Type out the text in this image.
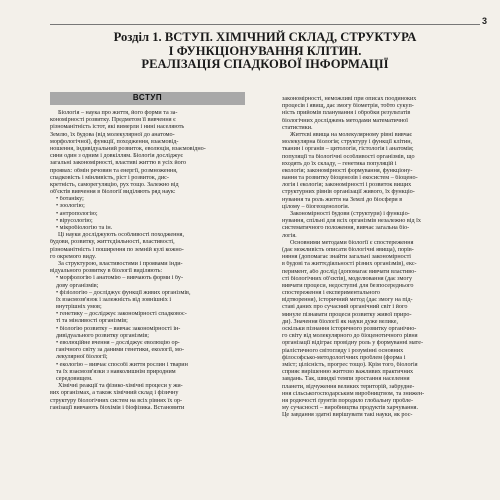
3
Розділ 1. ВСТУП. ХІМІЧНИЙ СКЛАД, СТРУКТУРА
І ФУНКЦІОНУВАННЯ КЛІТИН.
РЕАЛІЗАЦІЯ СПАДКОВОЇ ІНФОРМАЦІЇ
ВСТУП
Біологія – наука про життя, його форми та за-
кономірності розвитку. Предметом її вивчення є
різноманітність істот, які вимерли і нині населяють
Землю, їх будова (від молекулярної до анатомо-
морфологічної), функції, походження, взаємовід-
ношення, індивідуальний розвиток, еволюція, взаємовідно-
сини один з одним і довкіллям. Біологія досліджує
загальні закономірності, властиві життю в усіх його
проявах: обмін речовин та енергії, розмноження,
спадковість і мінливість, ріст і розвиток, дис-
кретність, саморегуляцію, рух тощо. Залежно від
об'єктів вивчення в біології виділяють ряд наук:
• ботаніку;
• зоологію;
• антропологію;
• вірусологію;
• мікробіологію та ін.
Ці науки досліджують особливості походження,
будови, розвитку, життєдіяльності, властивості,
різноманітність і поширення по земній кулі кожно-
го окремого виду.
За структурою, властивостями і проявами інди-
відуального розвитку в біології виділяють:
• морфологію і анатомію – вивчають форми і бу-
дову організмів;
• фізіологію – досліджує функції живих організмів,
їх взаємозв'язок і залежність від зовнішніх і
внутрішніх умов;
• генетику – досліджує закономірності спадковос-
ті та мінливості організмів;
• біологію розвитку – вивчає закономірності ін-
дивідуального розвитку організмів;
• еволюційне вчення – досліджує еволюцію ор-
ганічного світу за даними генетики, екології, мо-
лекулярної біології;
• екологію – вивчає способі життя рослин і тварин
та їх взаємозв'язки з навколишнім природним
середовищем.
Хімічні реакції та фізико-хімічні процеси у жи-
вих організмах, а також хімічний склад і фізичну
структуру біологічних систем на всіх рівнях їх ор-
ганізації вивчають біохімія і біофізика. Встановити
закономірності, неможливі при описах поодиноких
процесів і явищ, дає змогу біометрія, тобто сукуп-
ність прийомів планування і обробки результатів
біологічних досліджень методами математичної
статистики.
Життєві явища на молекулярному рівні вивчає
молекулярна біологія; структуру і функції клітин,
тканин і органів – цитологія, гістологія і анатомія;
популяції та біологічні особливості організмів, що
входять до їх складу, – генетика популяцій і
екологія; закономірності формування, функціону-
вання та розвитку біоценозів і екосистем – біоцено-
логія і екологія; закономірності і розвиток вищих
структурних рівнів організації живого, їх функціо-
нування та роль життя на Землі до біосфери в
цілому – біогеоценологія.
Закономірності будови (структури) і функціо-
нування, спільні для всіх організмів незалежно від їх
систематичного положення, вивчає загальна біо-
логія.
Основними методами біології є спостереження
(дає можливість описати біологічні явища), порів-
няння (допомагає знайти загальні закономірності
в будові та життєдіяльності різних організмів), екс-
перимент, або дослід (допомагає вивчати властиво-
сті біологічних об'єктів), моделювання (дає змогу
вивчати процеси, недоступні для безпосереднього
спостереження і експериментального
відтворення), історичний метод (дає змогу на під-
ставі даних про сучасний органічний світ і його
минуле пізнавати процеси розвитку живої приро-
ди). Значення біології як науки дуже велике,
оскільки пізнання історичного розвитку органічно-
го світу від молекулярного до біоценотичного рівня
організації відіграє провідну роль у формуванні мате-
ріалістичного світогляду і розумінні основних
філософсько-методологічних проблем (форма і
зміст; цілісність, прогрес тощо). Крім того, біологія
сприяє вирішенню життєво важливих практичних
завдань. Так, швидкі темпи зростання населення
планети, відчуження великих територій, забрудне-
ння сільськогосподарським виробництвом, та знижен-
ня родючості ґрунтів породило глобальну пробле-
му сучасності – виробництва продуктів харчування.
Це завдання здатні вирішувати такі науки, як рос-
